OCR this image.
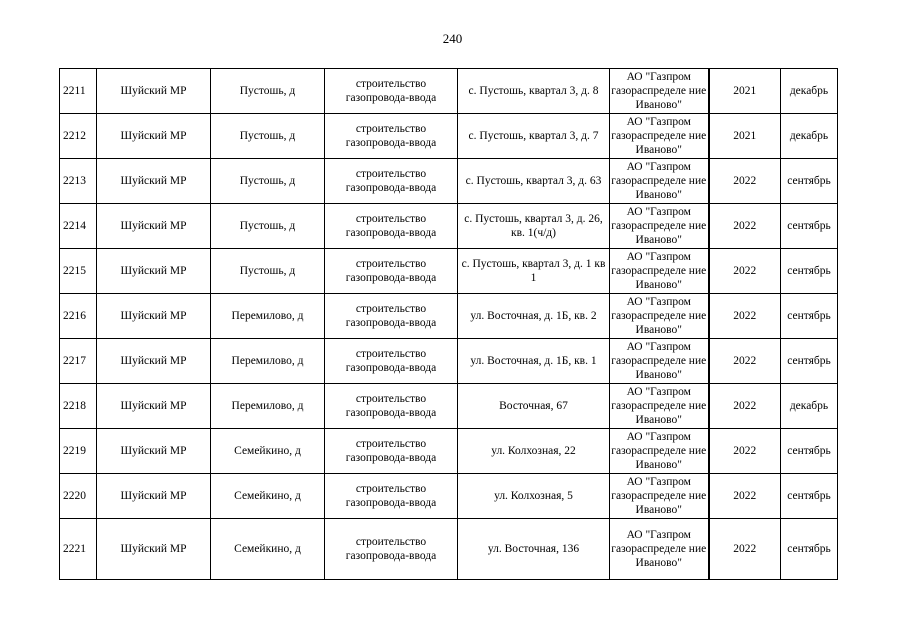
240
2211	Шуйский МР	Пустошь, д	строительство газопровода-ввода	с. Пустошь, квартал 3, д. 8	АО "Газпром газораспределе ние Иваново"	2021	декабрь
2212	Шуйский МР	Пустошь, д	строительство газопровода-ввода	с. Пустошь, квартал 3, д. 7	АО "Газпром газораспределе ние Иваново"	2021	декабрь
2213	Шуйский МР	Пустошь, д	строительство газопровода-ввода	с. Пустошь, квартал 3, д. 63	АО "Газпром газораспределе ние Иваново"	2022	сентябрь
2214	Шуйский МР	Пустошь, д	строительство газопровода-ввода	с. Пустошь, квартал 3, д. 26, кв. 1(ч/д)	АО "Газпром газораспределе ние Иваново"	2022	сентябрь
2215	Шуйский МР	Пустошь, д	строительство газопровода-ввода	с. Пустошь, квартал 3, д. 1 кв 1	АО "Газпром газораспределе ние Иваново"	2022	сентябрь
2216	Шуйский МР	Перемилово, д	строительство газопровода-ввода	ул. Восточная, д. 1Б, кв. 2	АО "Газпром газораспределе ние Иваново"	2022	сентябрь
2217	Шуйский МР	Перемилово, д	строительство газопровода-ввода	ул. Восточная, д. 1Б, кв. 1	АО "Газпром газораспределе ние Иваново"	2022	сентябрь
2218	Шуйский МР	Перемилово, д	строительство газопровода-ввода	Восточная, 67	АО "Газпром газораспределе ние Иваново"	2022	декабрь
2219	Шуйский МР	Семейкино, д	строительство газопровода-ввода	ул. Колхозная, 22	АО "Газпром газораспределе ние Иваново"	2022	сентябрь
2220	Шуйский МР	Семейкино, д	строительство газопровода-ввода	ул. Колхозная, 5	АО "Газпром газораспределе ние Иваново"	2022	сентябрь
2221	Шуйский МР	Семейкино, д	строительство газопровода-ввода	ул. Восточная, 136	АО "Газпром газораспределе ние Иваново"	2022	сентябрь
